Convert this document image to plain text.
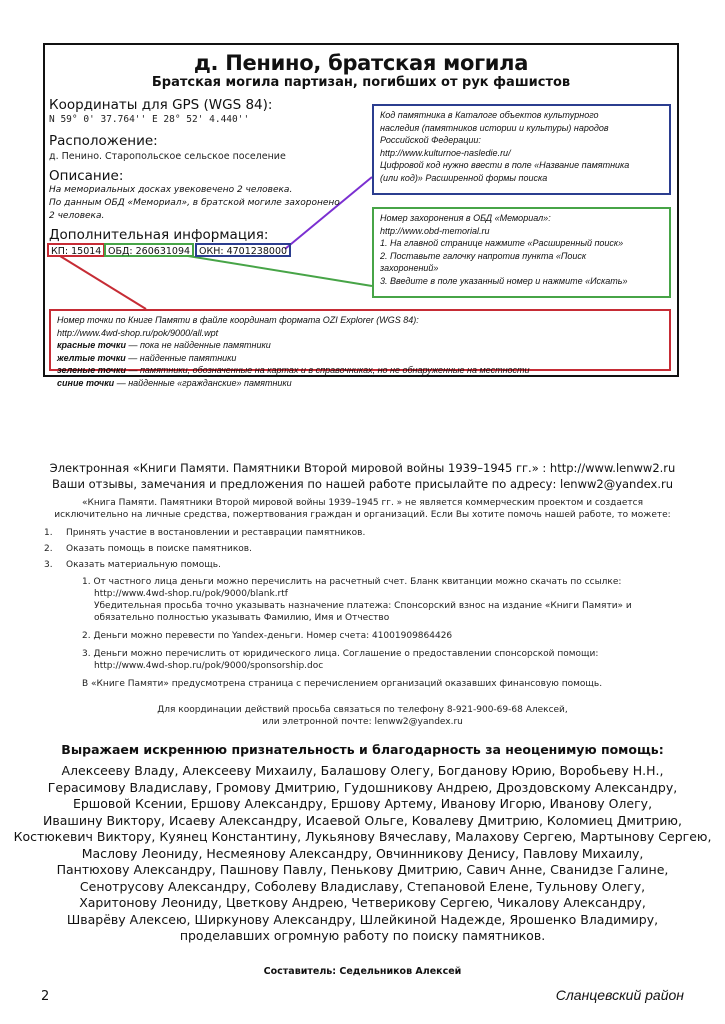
д. Пенино, братская могила
Братская могила партизан, погибших от рук фашистов
Координаты для GPS (WGS 84):
N 59° 0' 37.764'' E 28° 52' 4.440''
Расположение:
д. Пенино. Старопольское сельское поселение
Описание:
На мемориальных досках увековечено 2 человека.
По данным ОБД «Мемориал», в братской могиле захоронено
2 человека.
Дополнительная информация:
КП: 15014 ОБД: 260631094 ОКН: 4701238000
Код памятника в Каталоге объектов культурного
наследия (памятников истории и культуры) народов
Российской Федерации:
http://www.kulturnoe-nasledie.ru/
Цифровой код нужно ввести в поле «Название памятника
(или код)» Расширенной формы поиска
Номер захоронения в ОБД «Мемориал»:
http://www.obd-memorial.ru
1. На главной странице нажмите «Расширенный поиск»
2. Поставьте галочку напротив пункта «Поиск
захоронений»
3. Введите в поле указанный номер и нажмите «Искать»
Номер точки по Книге Памяти в файле координат формата OZI Explorer (WGS 84):
http://www.4wd-shop.ru/pok/9000/all.wpt
красные точки — пока не найденные памятники
желтые точки — найденные памятники
зеленые точки — памятники, обозначенные на картах и в справочниках, но не обнаруженные на местности
синие точки — найденные «гражданские» памятники
Электронная «Книги Памяти. Памятники Второй мировой войны 1939–1945 гг.» : http://www.lenww2.ru
Ваши отзывы, замечания и предложения по нашей работе присылайте по адресу: lenww2@yandex.ru
«Книга Памяти. Памятники Второй мировой войны 1939–1945 гг. » не является коммерческим проектом и создается
исключительно на личные средства, пожертвования граждан и организаций. Если Вы хотите помочь нашей работе, то можете:
1. Принять участие в востановлении и реставрации памятников.
2. Оказать помощь в поиске памятников.
3. Оказать материальную помощь.
1. От частного лица деньги можно перечислить на расчетный счет. Бланк квитанции можно скачать по ссылке:
http://www.4wd-shop.ru/pok/9000/blank.rtf
Убедительная просьба точно указывать назначение платежа: Спонсорский взнос на издание «Книги Памяти» и
обязательно полностью указывать Фамилию, Имя и Отчество
2. Деньги можно перевести по Yandex-деньги. Номер счета: 41001909864426
3. Деньги можно перечислить от юридического лица. Соглашение о предоставлении спонсорской помощи:
http://www.4wd-shop.ru/pok/9000/sponsorship.doc
В «Книге Памяти» предусмотрена страница с перечислением организаций оказавших финансовую помощь.
Для координации действий просьба связаться по телефону 8-921-900-69-68 Алексей,
или элетронной почте: lenww2@yandex.ru
Выражаем искреннюю признательность и благодарность за неоценимую помощь:
Алексееву Владу, Алексееву Михаилу, Балашову Олегу, Богданову Юрию, Воробьеву Н.Н.,
Герасимову Владиславу, Громову Дмитрию, Гудошникову Андрею, Дроздовскому Александру,
Ершовой Ксении, Ершову Александру, Ершову Артему, Иванову Игорю, Иванову Олегу,
Ивашину Виктору, Исаеву Александру, Исаевой Ольге, Ковалеву Дмитрию, Коломиец Дмитрию,
Костюкевич Виктору, Куянец Константину, Лукьянову Вячеславу, Малахову Сергею, Мартынову Сергею,
Маслову Леониду, Несмеянову Александру, Овчинникову Денису, Павлову Михаилу,
Пантюхову Александру, Пашнову Павлу, Пенькову Дмитрию, Савич Анне, Сванидзе Галине,
Сенотрусову Александру, Соболеву Владиславу, Степановой Елене, Тульнову Олегу,
Харитонову Леониду, Цветкову Андрею, Четверикову Сергею, Чикалову Александру,
Шварёву Алексею, Ширкунову Александру, Шлейкиной Надежде, Ярошенко Владимиру,
проделавших огромную работу по поиску памятников.
Составитель: Седельников Алексей
2	Сланцевский район
